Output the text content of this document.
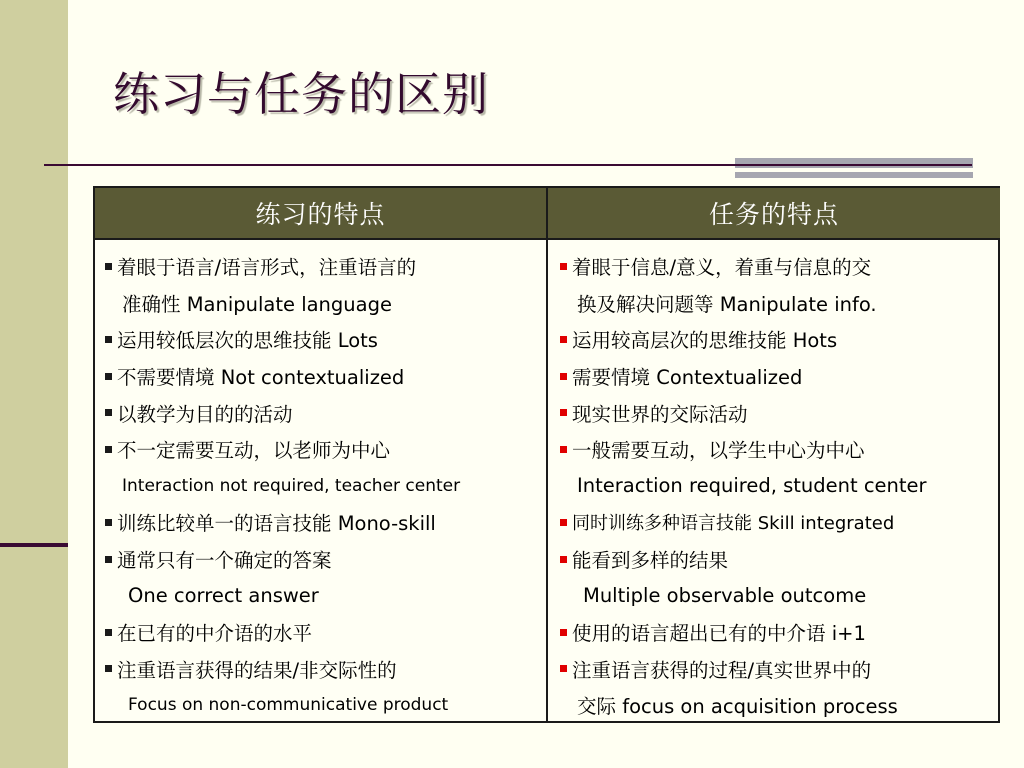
练习与任务的区别
练习的特点	任务的特点
着眼于语言/语言形式，注重语言的
准确性 Manipulate language
运用较低层次的思维技能 Lots
不需要情境 Not contextualized
以教学为目的的活动
不一定需要互动，以老师为中心
Interaction not required, teacher center
训练比较单一的语言技能 Mono-skill
通常只有一个确定的答案
One correct answer
在已有的中介语的水平
注重语言获得的结果/非交际性的
Focus on non-communicative product
着眼于信息/意义，着重与信息的交
换及解决问题等 Manipulate info.
运用较高层次的思维技能 Hots
需要情境 Contextualized
现实世界的交际活动
一般需要互动，以学生中心为中心
Interaction required, student center
同时训练多种语言技能 Skill integrated
能看到多样的结果
Multiple observable outcome
使用的语言超出已有的中介语 i+1
注重语言获得的过程/真实世界中的
交际 focus on acquisition process
